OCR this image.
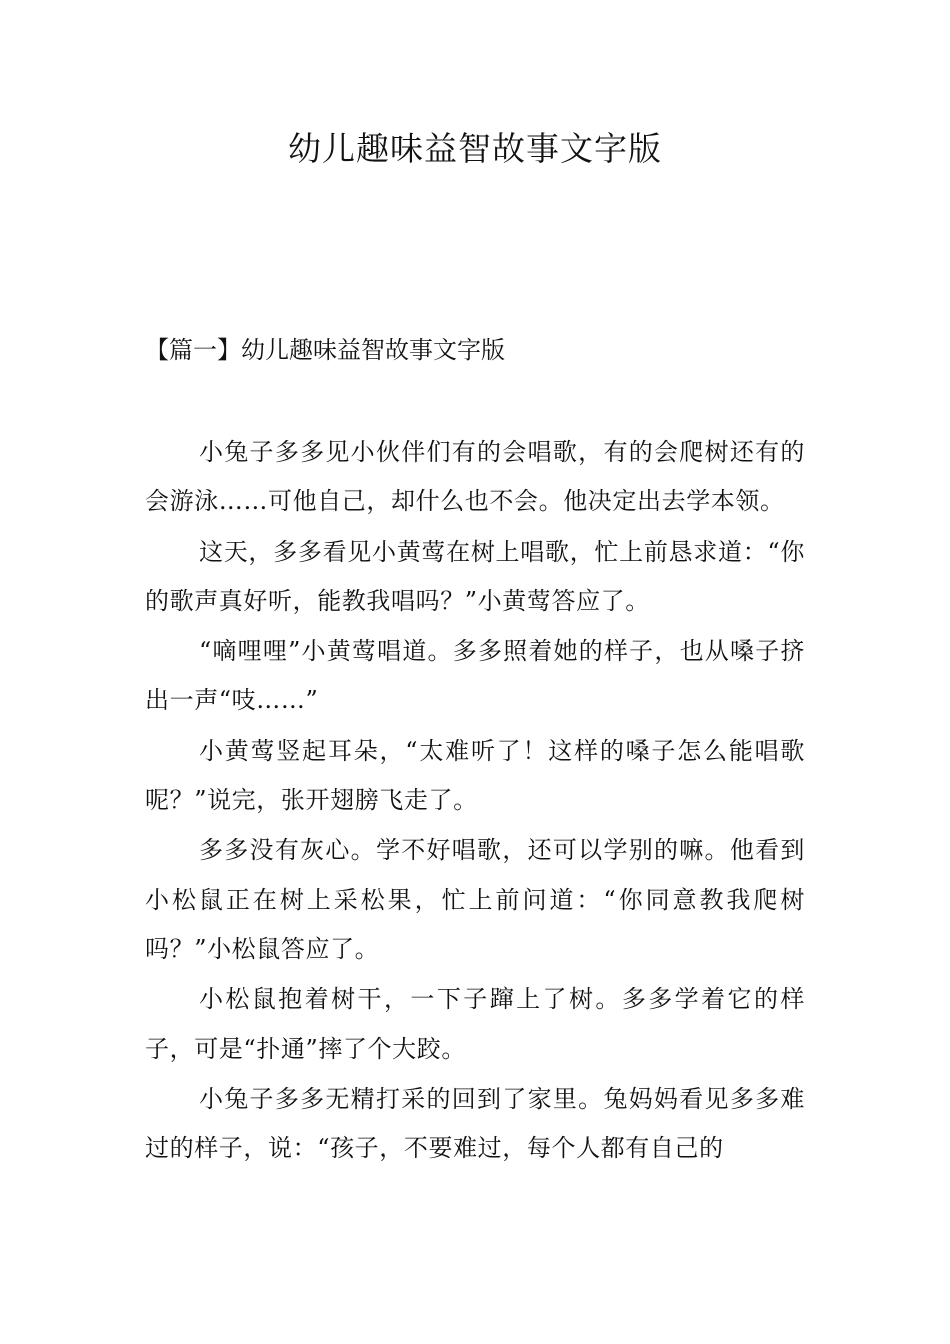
幼儿趣味益智故事文字版
【篇一】幼儿趣味益智故事文字版

小兔子多多见小伙伴们有的会唱歌，有的会爬树还有的会游泳……可他自己，却什么也不会。他决定出去学本领。

这天，多多看见小黄莺在树上唱歌，忙上前恳求道：“你的歌声真好听，能教我唱吗？”小黄莺答应了。

“嘀哩哩”小黄莺唱道。多多照着她的样子，也从嗓子挤出一声“吱……”

小黄莺竖起耳朵，“太难听了！这样的嗓子怎么能唱歌呢？”说完，张开翅膀飞走了。

多多没有灰心。学不好唱歌，还可以学别的嘛。他看到小松鼠正在树上采松果，忙上前问道：“你同意教我爬树吗？”小松鼠答应了。

小松鼠抱着树干，一下子蹿上了树。多多学着它的样子，可是“扑通”摔了个大跤。

小兔子多多无精打采的回到了家里。兔妈妈看见多多难过的样子，说：“孩子，不要难过，每个人都有自己的
